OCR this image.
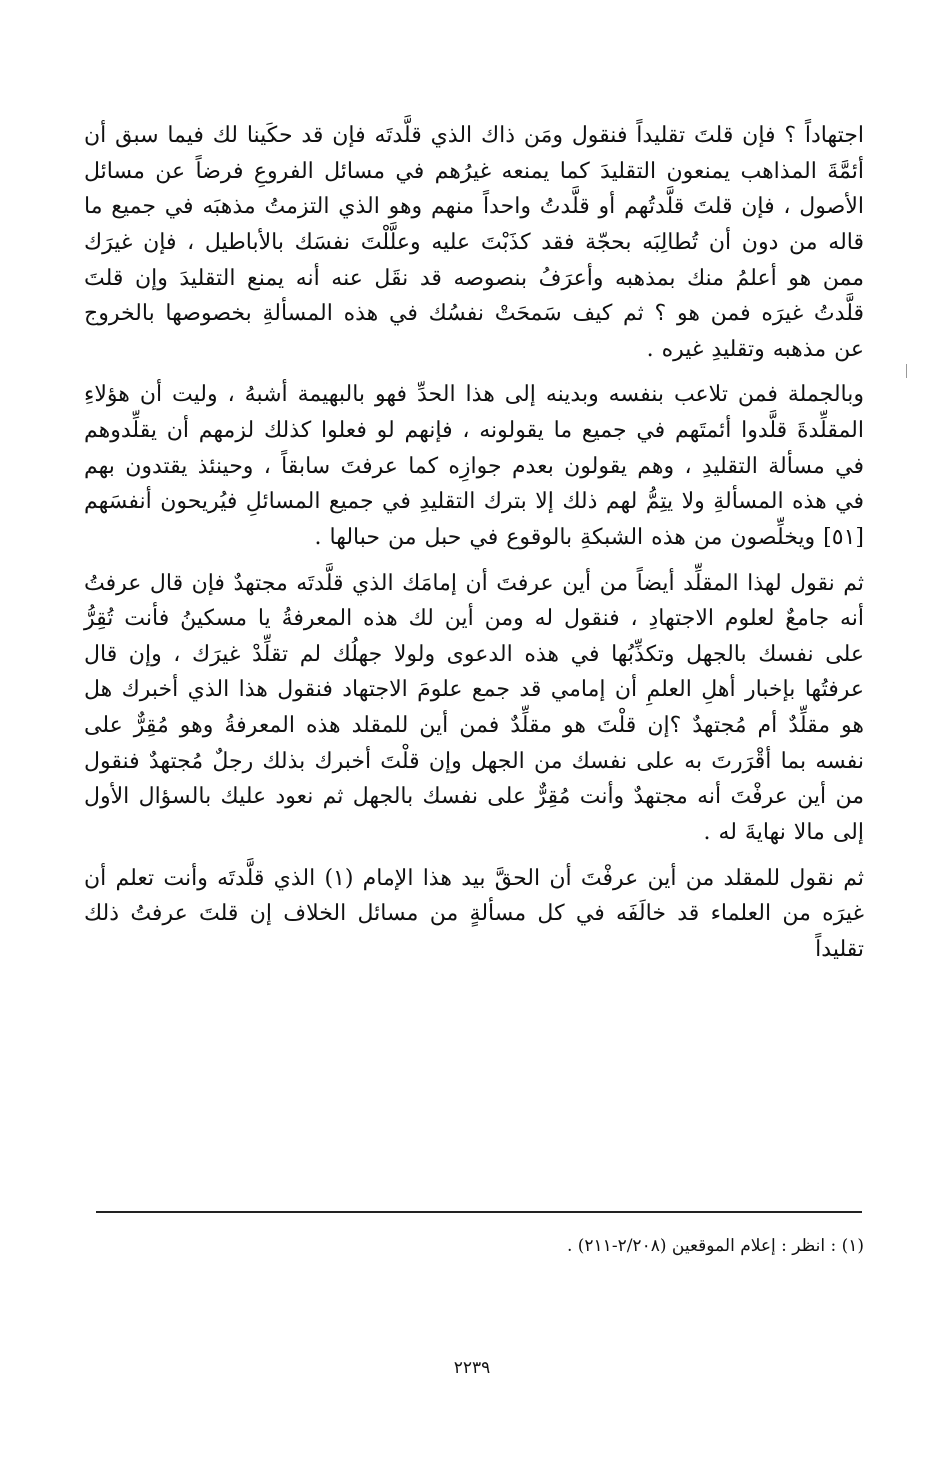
اجتهاداً ؟ فإن قلتَ تقليداً فنقول ومَن ذاك الذي قلَّدتَه فإن قد حكَينا لك فيما سبق أن أئمَّةَ المذاهب يمنعون التقليدَ كما يمنعه غيرُهم في مسائل الفروعِ فرضاً عن مسائل الأصول ، فإن قلتَ قلَّدتُهم أو قلَّدتُ واحداً منهم وهو الذي التزمتُ مذهبَه في جميع ما قاله من دون أن تُطالِبَه بحجّة فقد كذَبْتَ عليه وعلَّلْتَ نفسَك بالأباطيل ، فإن غيرَك ممن هو أعلمُ منك بمذهبه وأعرَفُ بنصوصه قد نقَل عنه أنه يمنع التقليدَ وإن قلتَ قلَّدتُ غيرَه فمن هو ؟ ثم كيف سَمحَتْ نفسُك في هذه المسألةِ بخصوصها بالخروج عن مذهبه وتقليدِ غيره .

وبالجملة فمن تلاعب بنفسه وبدينه إلى هذا الحدِّ فهو بالبهيمة أشبهُ ، وليت أن هؤلاءِ المقلِّدةَ قلَّدوا أئمتَهم في جميع ما يقولونه ، فإنهم لو فعلوا كذلك لزمهم أن يقلِّدوهم في مسألة التقليدِ ، وهم يقولون بعدم جوازِه كما عرفتَ سابقاً ، وحينئذ يقتدون بهم في هذه المسألةِ ولا يتِمُّ لهم ذلك إلا بترك التقليدِ في جميع المسائلِ فيُريحون أنفسَهم [٥١] ويخلِّصون من هذه الشبكةِ بالوقوع في حبل من حبالها .

ثم نقول لهذا المقلِّد أيضاً من أين عرفتَ أن إمامَك الذي قلَّدتَه مجتهدٌ فإن قال عرفتُ أنه جامعٌ لعلوم الاجتهادِ ، فنقول له ومن أين لك هذه المعرفةُ يا مسكينُ فأنت تُقِرُّ على نفسك بالجهل وتكذِّبُها في هذه الدعوى ولولا جهلُك لم تقلِّدْ غيرَك ، وإن قال عرفتُها بإخبار أهلِ العلمِ أن إمامي قد جمع علومَ الاجتهاد فنقول هذا الذي أخبرك هل هو مقلِّدٌ أم مُجتهدٌ ؟إن قلْتَ هو مقلِّدٌ فمن أين للمقلد هذه المعرفةُ وهو مُقِرٌّ على نفسه بما أقْرَرتَ به على نفسك من الجهل وإن قلْتَ أخبرك بذلك رجلٌ مُجتهدٌ فنقول من أين عرفْتَ أنه مجتهدٌ وأنت مُقِرٌّ على نفسك بالجهل ثم نعود عليك بالسؤال الأول إلى مالا نهايةَ له .

ثم نقول للمقلد من أين عرفْتَ أن الحقَّ بيد هذا الإمام (١) الذي قلَّدتَه وأنت تعلم أن غيرَه من العلماء قد خالَفَه في كل مسألةٍ من مسائل الخلاف إن قلتَ عرفتُ ذلك تقليداً

(١) : انظر : إعلام الموقعين (٢/٢٠٨-٢١١) .
٢٢٣٩
